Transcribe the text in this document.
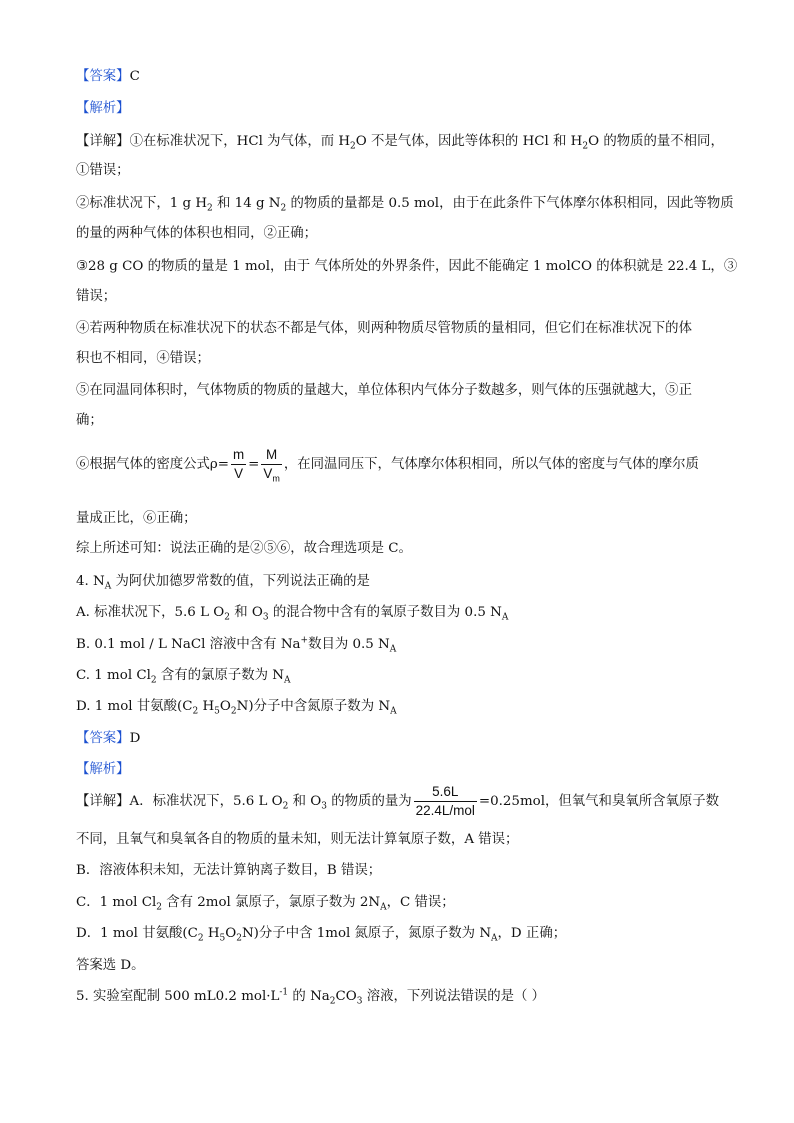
⑥根据气体的密度公式$\rho= \frac{m}{V} = \frac{M}{V_m}$ ，在同温同压下，气体摩尔体积相同，所以气体的密度与气体的摩尔质
【详解】A．标准状况下，5.6 L $O_2$ 和 $O_3$ 的物质的量为 $\frac{5.6L}{\text{22.4L/mol}} =0.25mol$，但氧气和臭氧所含氧原子数
【答案】C
【解析】
【详解】①在标准状况下，HCl 为气体，而 $H_2O$ 不是气体，因此等体积的 HCl 和 $H_2O$ 的物质的量不相同，
①错误；
②标准状况下，1 g $H_2$ 和 14 g $N_2$ 的物质的量都是 0.5 mol，由于在此条件下气体摩尔体积相同，因此等物质
的量的两种气体的体积也相同，②正确；
③28 g CO 的物质的量是 1 mol，由于 气体所处的外界条件，因此不能确定 1 molCO 的体积就是 22.4 L，③
错误；
④若两种物质在标准状况下的状态不都是气体，则两种物质尽管物质的量相同，但它们在标准状况下的体
积也不相同，④错误；
⑤在同温同体积时，气体物质的物质的量越大，单位体积内气体分子数越多，则气体的压强就越大，⑤正
确；
量成正比，⑥正确；
综上所述可知：说法正确的是②⑤⑥，故合理选项是 C。
4. $N_A$ 为阿伏加德罗常数的值，下列说法正确的是
A. 标准状况下，5.6 L $O_2$ 和 $O_3$ 的混合物中含有的氧原子数目为 0.5 $N_A$
B. 0.1 mol / L NaCl 溶液中含有 Na+数目为 0.5 $N_A$
C. 1 mol $Cl_2$ 含有的氯原子数为 $N_A$
D. 1 mol 甘氨酸($C_2$ $H_5O_2N$)分子中含氮原子数为 $N_A$
【答案】D
【解析】
不同，且氧气和臭氧各自的物质的量未知，则无法计算氧原子数，A 错误；
B．溶液体积未知，无法计算钠离子数目，B 错误；
C．1 mol $Cl_2$ 含有 2mol 氯原子，氯原子数为 $2N_A$，C 错误；
D．1 mol 甘氨酸($C_2$ $H_5O_2N$)分子中含 1mol 氮原子，氮原子数为 $N_A$，D 正确；
答案选 D。
5. 实验室配制 500 mL0.2 $mol\cdot L^{-1}$ 的 $Na_2CO_3$ 溶液，下列说法错误的是（ ）
